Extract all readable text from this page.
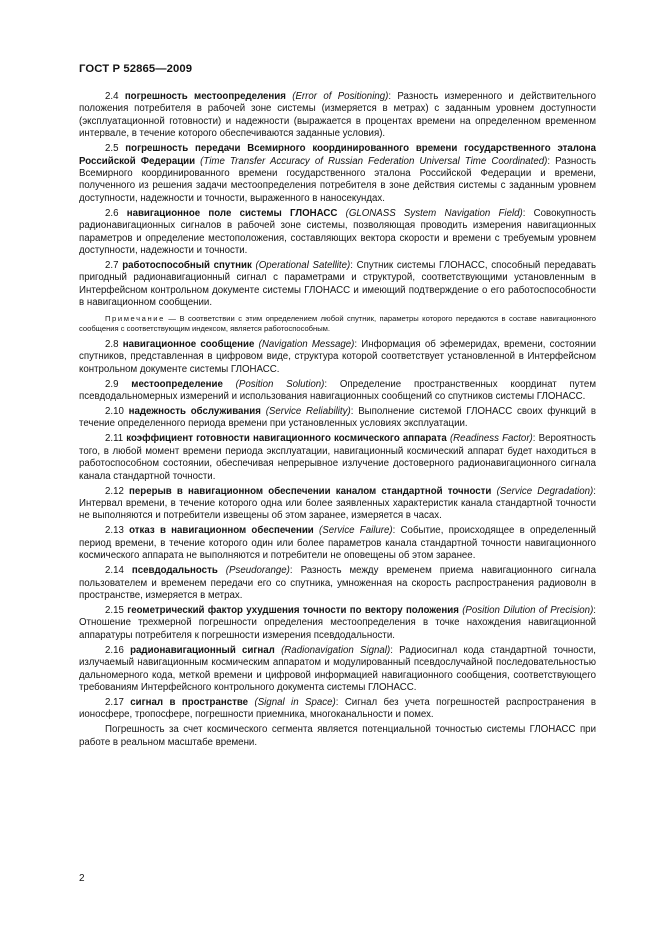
ГОСТ Р 52865—2009

2.4 погрешность местоопределения (Error of Positioning): Разность измеренного и действительного положения потребителя в рабочей зоне системы (измеряется в метрах) с заданным уровнем доступности (эксплуатационной готовности) и надежности (выражается в процентах времени на определенном временном интервале, в течение которого обеспечиваются заданные условия).

2.5 погрешность передачи Всемирного координированного времени государственного эталона Российской Федерации (Time Transfer Accuracy of Russian Federation Universal Time Coordinated): Разность Всемирного координированного времени государственного эталона Российской Федерации и времени, полученного из решения задачи местоопределения потребителя в зоне действия системы с заданным уровнем доступности, надежности и точности, выраженного в наносекундах.

2.6 навигационное поле системы ГЛОНАСС (GLONASS System Navigation Field): Совокупность радионавигационных сигналов в рабочей зоне системы, позволяющая проводить измерения навигационных параметров и определение местоположения, составляющих вектора скорости и времени с требуемым уровнем доступности, надежности и точности.

2.7 работоспособный спутник (Operational Satellite): Спутник системы ГЛОНАСС, способный передавать пригодный радионавигационный сигнал с параметрами и структурой, соответствующими установленным в Интерфейсном контрольном документе системы ГЛОНАСС и имеющий подтверждение о его работоспособности в навигационном сообщении.

Примечание — В соответствии с этим определением любой спутник, параметры которого передаются в составе навигационного сообщения с соответствующим индексом, является работоспособным.

2.8 навигационное сообщение (Navigation Message): Информация об эфемеридах, времени, состоянии спутников, представленная в цифровом виде, структура которой соответствует установленной в Интерфейсном контрольном документе системы ГЛОНАСС.

2.9 местоопределение (Position Solution): Определение пространственных координат путем псевдодальномерных измерений и использования навигационных сообщений со спутников системы ГЛОНАСС.

2.10 надежность обслуживания (Service Reliability): Выполнение системой ГЛОНАСС своих функций в течение определенного периода времени при установленных условиях эксплуатации.

2.11 коэффициент готовности навигационного космического аппарата (Readiness Factor): Вероятность того, в любой момент времени периода эксплуатации, навигационный космический аппарат будет находиться в работоспособном состоянии, обеспечивая непрерывное излучение достоверного радионавигационного сигнала канала стандартной точности.

2.12 перерыв в навигационном обеспечении каналом стандартной точности (Service Degradation): Интервал времени, в течение которого одна или более заявленных характеристик канала стандартной точности не выполняются и потребители извещены об этом заранее, измеряется в часах.

2.13 отказ в навигационном обеспечении (Service Failure): Событие, происходящее в определенный период времени, в течение которого один или более параметров канала стандартной точности навигационного космического аппарата не выполняются и потребители не оповещены об этом заранее.

2.14 псевдодальность (Pseudorange): Разность между временем приема навигационного сигнала пользователем и временем передачи его со спутника, умноженная на скорость распространения радиоволн в пространстве, измеряется в метрах.

2.15 геометрический фактор ухудшения точности по вектору положения (Position Dilution of Precision): Отношение трехмерной погрешности определения местоопределения в точке нахождения навигационной аппаратуры потребителя к погрешности измерения псевдодальности.

2.16 радионавигационный сигнал (Radionavigation Signal): Радиосигнал кода стандартной точности, излучаемый навигационным космическим аппаратом и модулированный псевдослучайной последовательностью дальномерного кода, меткой времени и цифровой информацией навигационного сообщения, соответствующего требованиям Интерфейсного контрольного документа системы ГЛОНАСС.

2.17 сигнал в пространстве (Signal in Space): Сигнал без учета погрешностей распространения в ионосфере, тропосфере, погрешности приемника, многоканальности и помех.

Погрешность за счет космического сегмента является потенциальной точностью системы ГЛОНАСС при работе в реальном масштабе времени.

2
